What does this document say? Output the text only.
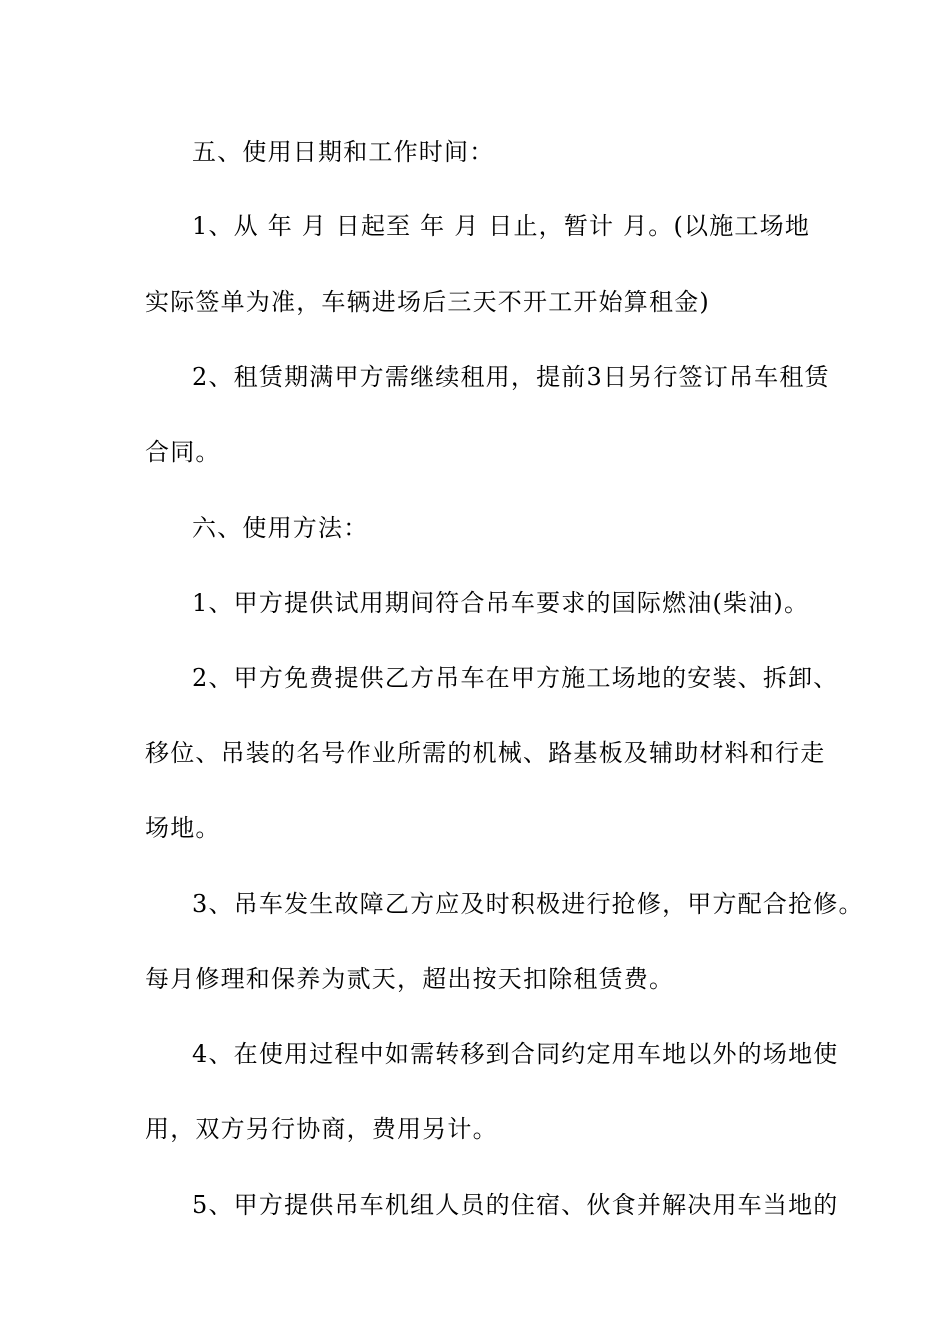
五、使用日期和工作时间：
1、从 年 月 日起至 年 月 日止，暂计 月。(以施工场地
实际签单为准，车辆进场后三天不开工开始算租金)
2、租赁期满甲方需继续租用，提前3日另行签订吊车租赁
合同。
六、使用方法：
1、甲方提供试用期间符合吊车要求的国际燃油(柴油)。
2、甲方免费提供乙方吊车在甲方施工场地的安装、拆卸、
移位、吊装的名号作业所需的机械、路基板及辅助材料和行走
场地。
3、吊车发生故障乙方应及时积极进行抢修，甲方配合抢修。
每月修理和保养为贰天，超出按天扣除租赁费。
4、在使用过程中如需转移到合同约定用车地以外的场地使
用，双方另行协商，费用另计。
5、甲方提供吊车机组人员的住宿、伙食并解决用车当地的
